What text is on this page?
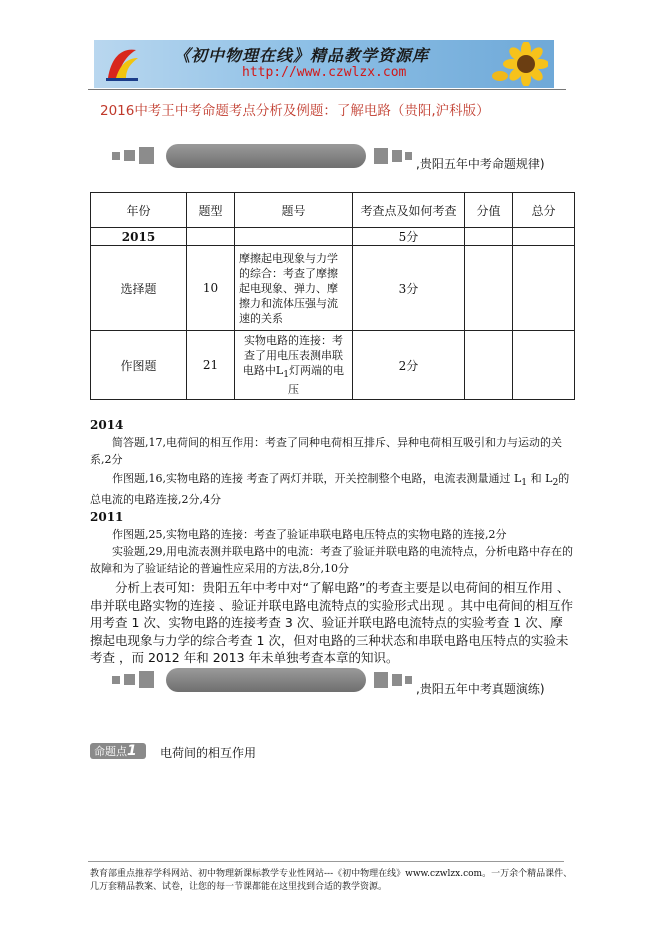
《初中物理在线》精品教学资源库
http://www.czwlzx.com
2016中考王中考命题考点分析及例题：了解电路（贵阳,沪科版）
,贵阳五年中考命题规律)
年份	题型	题号	考查点及如何考查	分值	总分
2015			5分		
选择题	10	摩擦起电现象与力学的综合：考查了摩擦起电现象、弹力、摩擦力和流体压强与流速的关系	3分		
作图题	21	实物电路的连接：考查了用电压表测串联电路中$L_1$灯两端的电压	2分		
2014
简答题,17,电荷间的相互作用：考查了同种电荷相互排斥、异种电荷相互吸引和力与运动的关系,2分
作图题,16,实物电路的连接 考查了两灯并联，开关控制整个电路，电流表测量通过 $L_1$ 和 $L_2$的总电流的电路连接,2分,4分
2011
作图题,25,实物电路的连接：考查了验证串联电路电压特点的实物电路的连接,2分
实验题,29,用电流表测并联电路中的电流：考查了验证并联电路的电流特点，分析电路中存在的故障和为了验证结论的普遍性应采用的方法,8分,10分
分析上表可知：贵阳五年中考中对“了解电路”的考查主要是以电荷间的相互作用 、串并联电路实物的连接 、验证并联电路电流特点的实验形式出现 。其中电荷间的相互作用考查 1 次、实物电路的连接考查 3 次、验证并联电路电流特点的实验考查 1 次、摩擦起电现象与力学的综合考查 1 次，但对电路的三种状态和串联电路电压特点的实验未考查 ，而 2012 年和 2013 年未单独考查本章的知识。
,贵阳五年中考真题演练)
命题点1	电荷间的相互作用
教育部重点推荐学科网站、初中物理新课标教学专业性网站---《初中物理在线》www.czwlzx.com。一万余个精品课件、
几万套精品教案、试卷，让您的每一节课都能在这里找到合适的教学资源。
